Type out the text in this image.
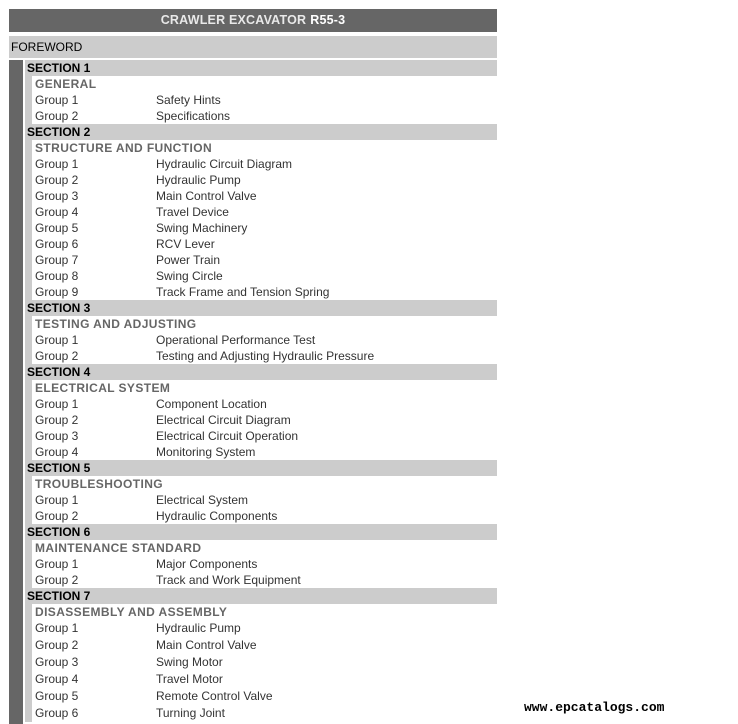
CRAWLER EXCAVATOR R55-3
FOREWORD
SECTION 1
GENERAL
Group 1	Safety Hints
Group 2	Specifications
SECTION 2
STRUCTURE AND FUNCTION
Group 1	Hydraulic Circuit Diagram
Group 2	Hydraulic Pump
Group 3	Main Control Valve
Group 4	Travel Device
Group 5	Swing Machinery
Group 6	RCV Lever
Group 7	Power Train
Group 8	Swing Circle
Group 9	Track Frame and Tension Spring
SECTION 3
TESTING AND ADJUSTING
Group 1	Operational Performance Test
Group 2	Testing and Adjusting Hydraulic Pressure
SECTION 4
ELECTRICAL SYSTEM
Group 1	Component Location
Group 2	Electrical Circuit Diagram
Group 3	Electrical Circuit Operation
Group 4	Monitoring System
SECTION 5
TROUBLESHOOTING
Group 1	Electrical System
Group 2	Hydraulic Components
SECTION 6
MAINTENANCE STANDARD
Group 1	Major Components
Group 2	Track and Work Equipment
SECTION 7
DISASSEMBLY AND ASSEMBLY
Group 1	Hydraulic Pump
Group 2	Main Control Valve
Group 3	Swing Motor
Group 4	Travel Motor
Group 5	Remote Control Valve
Group 6	Turning Joint	www.epcatalogs.com
